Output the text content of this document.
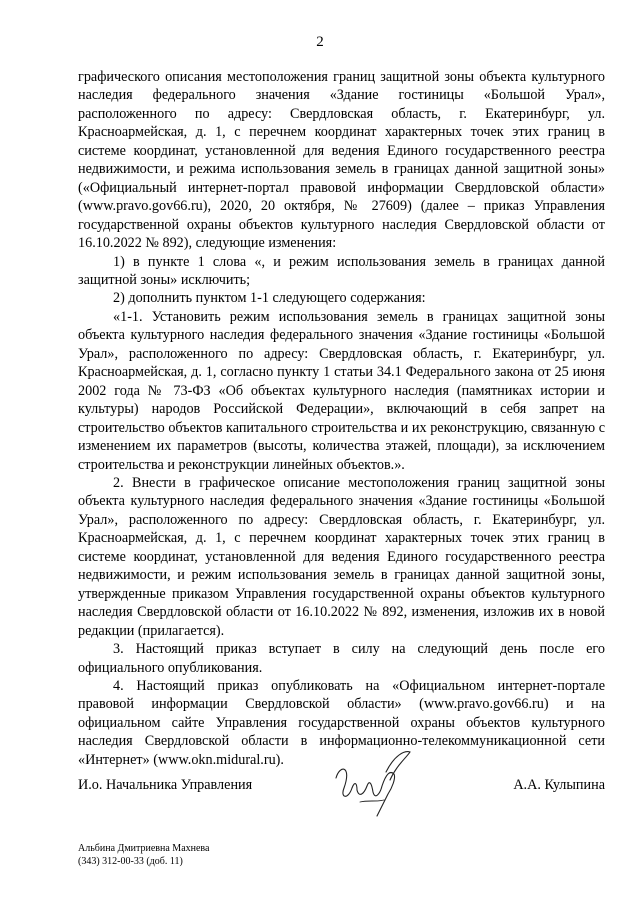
2

графического описания местоположения границ защитной зоны объекта культурного наследия федерального значения «Здание гостиницы «Большой Урал», расположенного по адресу: Свердловская область, г. Екатеринбург, ул. Красноармейская, д. 1, с перечнем координат характерных точек этих границ в системе координат, установленной для ведения Единого государственного реестра недвижимости, и режима использования земель в границах данной защитной зоны» («Официальный интернет-портал правовой информации Свердловской области» (www.pravo.gov66.ru), 2020, 20 октября, № 27609) (далее – приказ Управления государственной охраны объектов культурного наследия Свердловской области от 16.10.2022 № 892), следующие изменения:

1) в пункте 1 слова «, и режим использования земель в границах данной защитной зоны» исключить;

2) дополнить пунктом 1-1 следующего содержания:

«1-1. Установить режим использования земель в границах защитной зоны объекта культурного наследия федерального значения «Здание гостиницы «Большой Урал», расположенного по адресу: Свердловская область, г. Екатеринбург, ул. Красноармейская, д. 1, согласно пункту 1 статьи 34.1 Федерального закона от 25 июня 2002 года № 73-ФЗ «Об объектах культурного наследия (памятниках истории и культуры) народов Российской Федерации», включающий в себя запрет на строительство объектов капитального строительства и их реконструкцию, связанную с изменением их параметров (высоты, количества этажей, площади), за исключением строительства и реконструкции линейных объектов.».

2. Внести в графическое описание местоположения границ защитной зоны объекта культурного наследия федерального значения «Здание гостиницы «Большой Урал», расположенного по адресу: Свердловская область, г. Екатеринбург, ул. Красноармейская, д. 1, с перечнем координат характерных точек этих границ в системе координат, установленной для ведения Единого государственного реестра недвижимости, и режим использования земель в границах данной защитной зоны, утвержденные приказом Управления государственной охраны объектов культурного наследия Свердловской области от 16.10.2022 № 892, изменения, изложив их в новой редакции (прилагается).

3. Настоящий приказ вступает в силу на следующий день после его официального опубликования.

4. Настоящий приказ опубликовать на «Официальном интернет-портале правовой информации Свердловской области» (www.pravo.gov66.ru) и на официальном сайте Управления государственной охраны объектов культурного наследия Свердловской области в информационно-телекоммуникационной сети «Интернет» (www.okn.midural.ru).

И.о. Начальника Управления	А.А. Кулыпина
Альбина Дмитриевна Махнева
(343) 312-00-33 (доб. 11)
